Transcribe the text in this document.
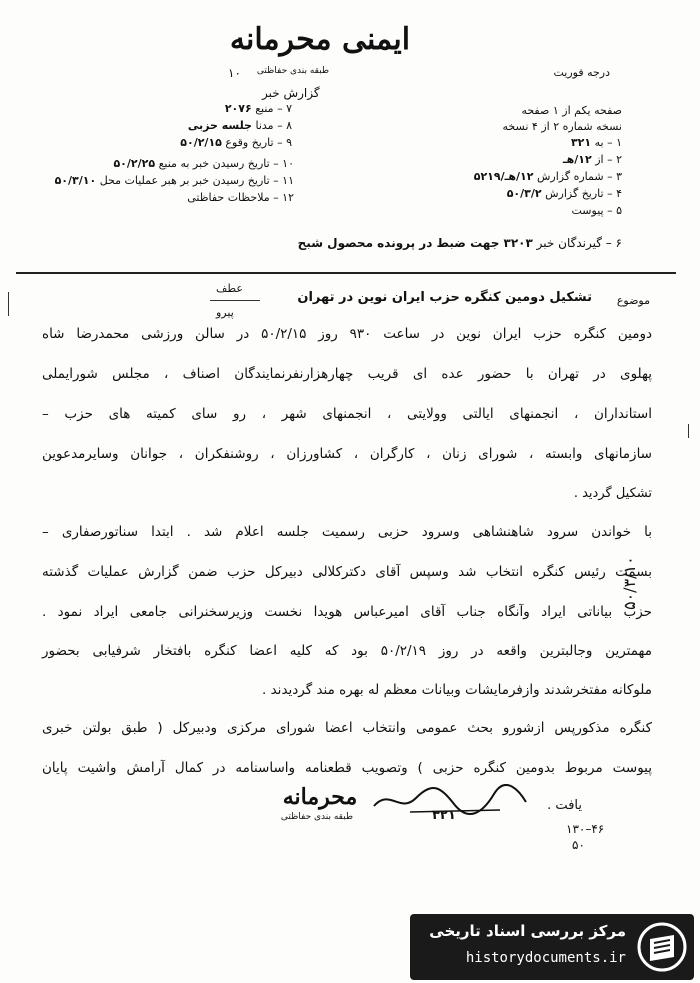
ایمنی محرمانه
طبقه بندی حفاظتی
۱۰	درجه فوریت
گزارش خبر
صفحه یکم از ۱ صفحه
نسخه شماره ۲ از ۴ نسخه
۱ – به ۳۲۱
۲ – از ۱۲/هـ
۳ – شماره گزارش ۱۲/هـ/۵۲۱۹
۴ – تاریخ گزارش ۵۰/۳/۲
۵ – پیوست
۶ – گیرندگان خبر ۳۲۰۳ جهت ضبط در پرونده محصول شبح
۷ – منبع ۲۰۷۶
۸ – مدنا جلسه حزبی
۹ – تاریخ وقوع ۵۰/۲/۱۵
۱۰ – تاریخ رسیدن خبر به منبع ۵۰/۲/۲۵
۱۱ – تاریخ رسیدن خبر بر هبر عملیات محل ۵۰/۳/۱۰
۱۲ – ملاحظات حفاظتی
عطف
پیرو
تشکیل دومین کنگره حزب ایران نوین در تهران موضوع
دومین کنگره حزب ایران نوین در ساعت ۹۳۰ روز ۵۰/۲/۱۵ در سالن ورزشی محمدرضا شاه
پهلوی در تهران با حضور عده ای قریب چهارهزارنفرنمایندگان اصناف ، مجلس شورایملی
استانداران ، انجمنهای ایالتی وولایتی ، انجمنهای شهر ، رو سای کمیته های حزب –
سازمانهای وابسته ، شورای زنان ، کارگران ، کشاورزان ، روشنفکران ، جوانان وسایرمدعوین
تشکیل گردید .
با خواندن سرود شاهنشاهی وسرود حزبی رسمیت جلسه اعلام شد . ابتدا سناتورصفاری –
بسمت رئیس کنگره انتخاب شد وسپس آقای دکترکلالی دبیرکل حزب ضمن گزارش عملیات گذشته
حزب بیاناتی ایراد وآنگاه جناب آقای امیرعباس هویدا نخست وزیرسخنرانی جامعی ایراد نمود .
مهمترین وجالبترین واقعه در روز ۵۰/۲/۱۹ بود که کلیه اعضا کنگره بافتخار شرفیابی بحضور
ملوکانه مفتخرشدند وازفرمایشات وبیانات معظم له بهره مند گردیدند .
کنگره مذکورپس ازشورو بحث عمومی وانتخاب اعضا شورای مرکزی ودبیرکل ( طبق بولتن خبری
پیوست مربوط بدومین کنگره حزبی ) وتصویب قطعنامه واساسنامه در کمال آرامش واشیت پایان
یافت .
محرمانه
طبقه بندی حفاظتی	۳۲۱
۱۳۰–۴۶
۵۰
۵۰/۳/۱۰
مرکز بررسی اسناد تاریخی
historydocuments.ir
